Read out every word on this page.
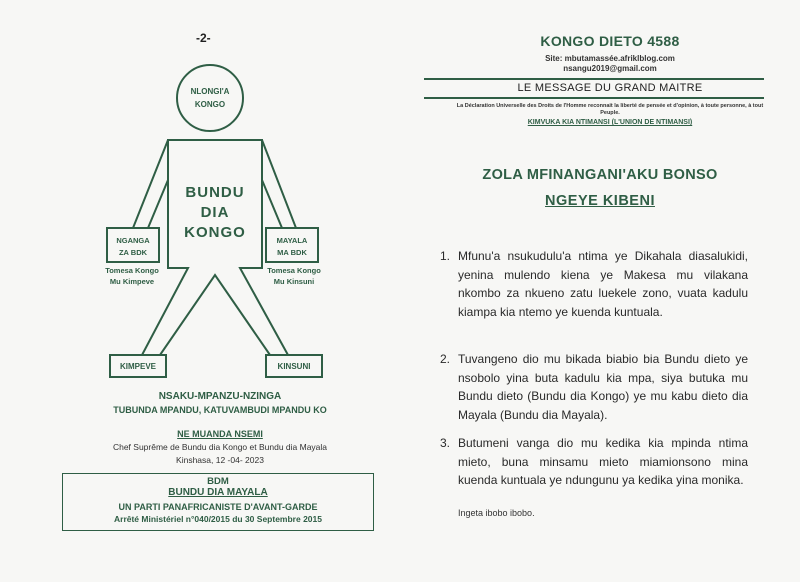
-2-
NLONGI'A
KONGO
BUNDU
DIA
KONGO
NGANGA
ZA BDK
Tomesa Kongo
Mu Kimpeve
MAYALA
MA BDK
Tomesa Kongo
Mu Kinsuni
KIMPEVE	KINSUNI
NSAKU-MPANZU-NZINGA
TUBUNDA MPANDU, KATUVAMBUDI MPANDU KO
NE MUANDA NSEMI
Chef Suprême de Bundu dia Kongo et Bundu dia Mayala
Kinshasa, 12 -04- 2023
BDM
BUNDU DIA MAYALA
UN PARTI PANAFRICANISTE D'AVANT-GARDE
Arrêté Ministériel n°040/2015 du 30 Septembre 2015
KONGO DIETO 4588
Site: mbutamassée.afriklblog.com
nsangu2019@gmail.com
LE MESSAGE DU GRAND MAITRE
La Déclaration Universelle des Droits de l'Homme reconnait la liberté de pensée et d'opinion, à toute personne, à tout
Peuple.
KIMVUKA KIA NTIMANSI (L'UNION DE NTIMANSI)
ZOLA MFINANGANI'AKU BONSO
NGEYE KIBENI
1. Mfunu'a nsukudulu'a ntima ye Dikahala diasalukidi, yenina mulendo kiena ye Makesa mu vilakana nkombo za nkueno zatu luekele zono, vuata kadulu kiampa kia ntemo ye kuenda kuntuala.
2. Tuvangeno dio mu bikada biabio bia Bundu dieto ye nsobolo yina buta kadulu kia mpa, siya butuka mu Bundu dieto (Bundu dia Kongo) ye mu kabu dieto dia Mayala (Bundu dia Mayala).
3. Butumeni vanga dio mu kedika kia mpinda ntima mieto, buna minsamu mieto miamionsono mina kuenda kuntuala ye ndungunu ya kedika yina monika.
Ingeta ibobo ibobo.
